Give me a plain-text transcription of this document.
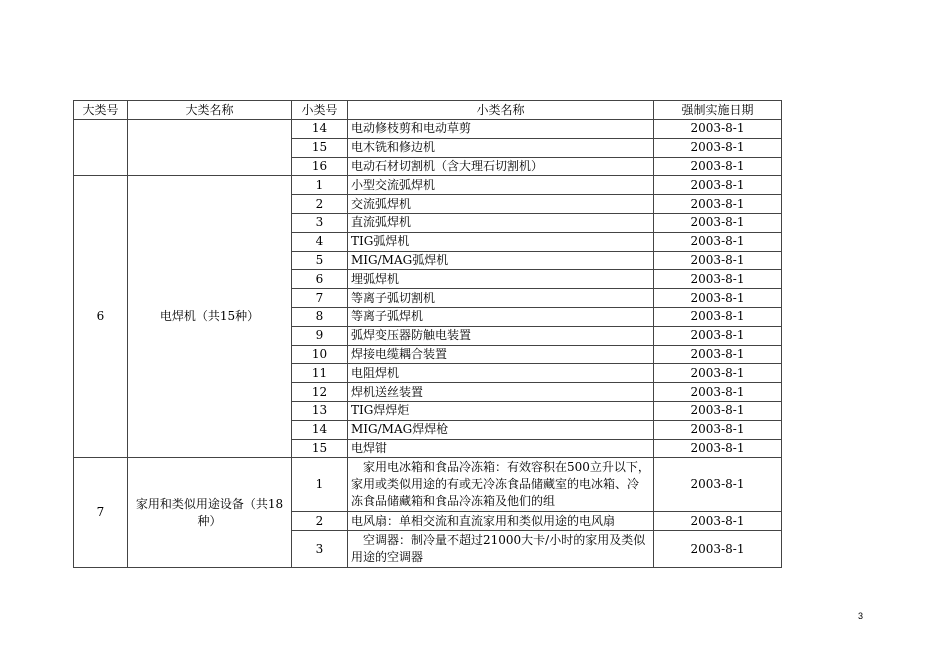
大类号	大类名称	小类号	小类名称	强制实施日期
		14	电动修枝剪和电动草剪	2003-8-1
		15	电木铣和修边机	2003-8-1
		16	电动石材切割机（含大理石切割机）	2003-8-1
6	电焊机（共15种）	1	小型交流弧焊机	2003-8-1
		2	交流弧焊机	2003-8-1
		3	直流弧焊机	2003-8-1
		4	TIG弧焊机	2003-8-1
		5	MIG/MAG弧焊机	2003-8-1
		6	埋弧焊机	2003-8-1
		7	等离子弧切割机	2003-8-1
		8	等离子弧焊机	2003-8-1
		9	弧焊变压器防触电装置	2003-8-1
		10	焊接电缆耦合装置	2003-8-1
		11	电阻焊机	2003-8-1
		12	焊机送丝装置	2003-8-1
		13	TIG焊焊炬	2003-8-1
		14	MIG/MAG焊焊枪	2003-8-1
		15	电焊钳	2003-8-1
7	家用和类似用途设备（共18种）	1	家用电冰箱和食品冷冻箱：有效容积在500立升以下，家用或类似用途的有或无冷冻食品储藏室的电冰箱、冷冻食品储藏箱和食品冷冻箱及他们的组	2003-8-1
		2	电风扇：单相交流和直流家用和类似用途的电风扇	2003-8-1
		3	空调器：制冷量不超过21000大卡/小时的家用及类似用途的空调器	2003-8-1
3
